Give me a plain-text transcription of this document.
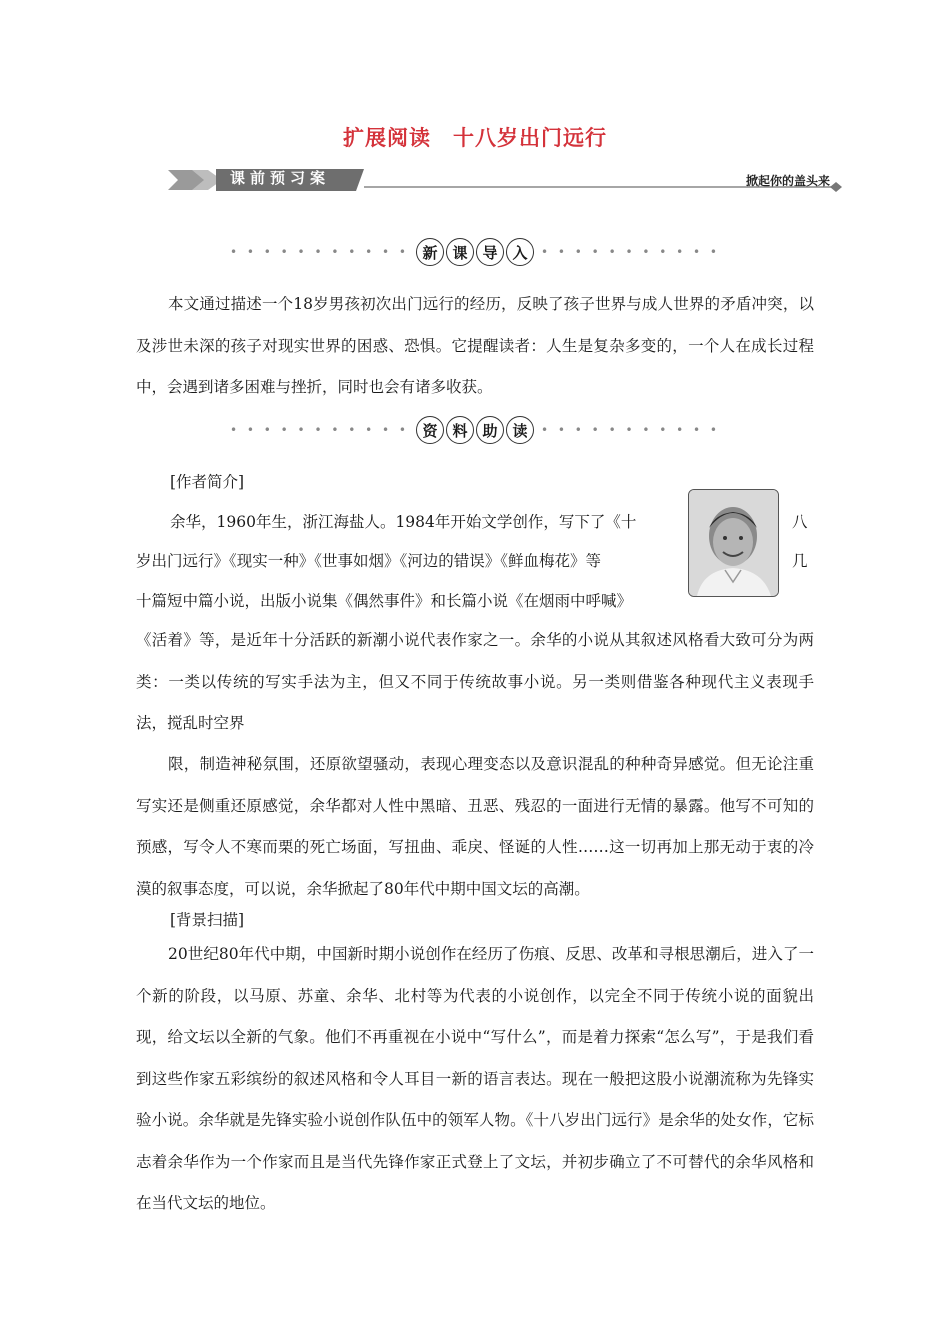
扩展阅读 十八岁出门远行
课前预习案	掀起你的盖头来
• • • • • • • • • • • 新 课 导 入	• • • • • • • • • • •
本文通过描述一个18岁男孩初次出门远行的经历，反映了孩子世界与成人世界的矛盾冲突，以及涉世未深的孩子对现实世界的困惑、恐惧。它提醒读者：人生是复杂多变的，一个人在成长过程中，会遇到诸多困难与挫折，同时也会有诸多收获。
• • • • • • • • • • • 资 料 助 读	• • • • • • • • • • •
[作者简介]
余华，1960年生，浙江海盐人。1984年开始文学创作，写下了《十	八
岁出门远行》《现实一种》《世事如烟》《河边的错误》《鲜血梅花》等	几
十篇短中篇小说，出版小说集《偶然事件》和长篇小说《在烟雨中呼喊》
《活着》等，是近年十分活跃的新潮小说代表作家之一。余华的小说从其叙述风格看大致可分为两类：一类以传统的写实手法为主，但又不同于传统故事小说。另一类则借鉴各种现代主义表现手法，搅乱时空界
限，制造神秘氛围，还原欲望骚动，表现心理变态以及意识混乱的种种奇异感觉。但无论注重写实还是侧重还原感觉，余华都对人性中黑暗、丑恶、残忍的一面进行无情的暴露。他写不可知的预感，写令人不寒而栗的死亡场面，写扭曲、乖戾、怪诞的人性……这一切再加上那无动于衷的冷漠的叙事态度，可以说，余华掀起了80年代中期中国文坛的高潮。
[背景扫描]
20世纪80年代中期，中国新时期小说创作在经历了伤痕、反思、改革和寻根思潮后，进入了一个新的阶段，以马原、苏童、余华、北村等为代表的小说创作，以完全不同于传统小说的面貌出现，给文坛以全新的气象。他们不再重视在小说中“写什么”，而是着力探索“怎么写”，于是我们看到这些作家五彩缤纷的叙述风格和令人耳目一新的语言表达。现在一般把这股小说潮流称为先锋实验小说。余华就是先锋实验小说创作队伍中的领军人物。《十八岁出门远行》是余华的处女作，它标志着余华作为一个作家而且是当代先锋作家正式登上了文坛，并初步确立了不可替代的余华风格和在当代文坛的地位。
